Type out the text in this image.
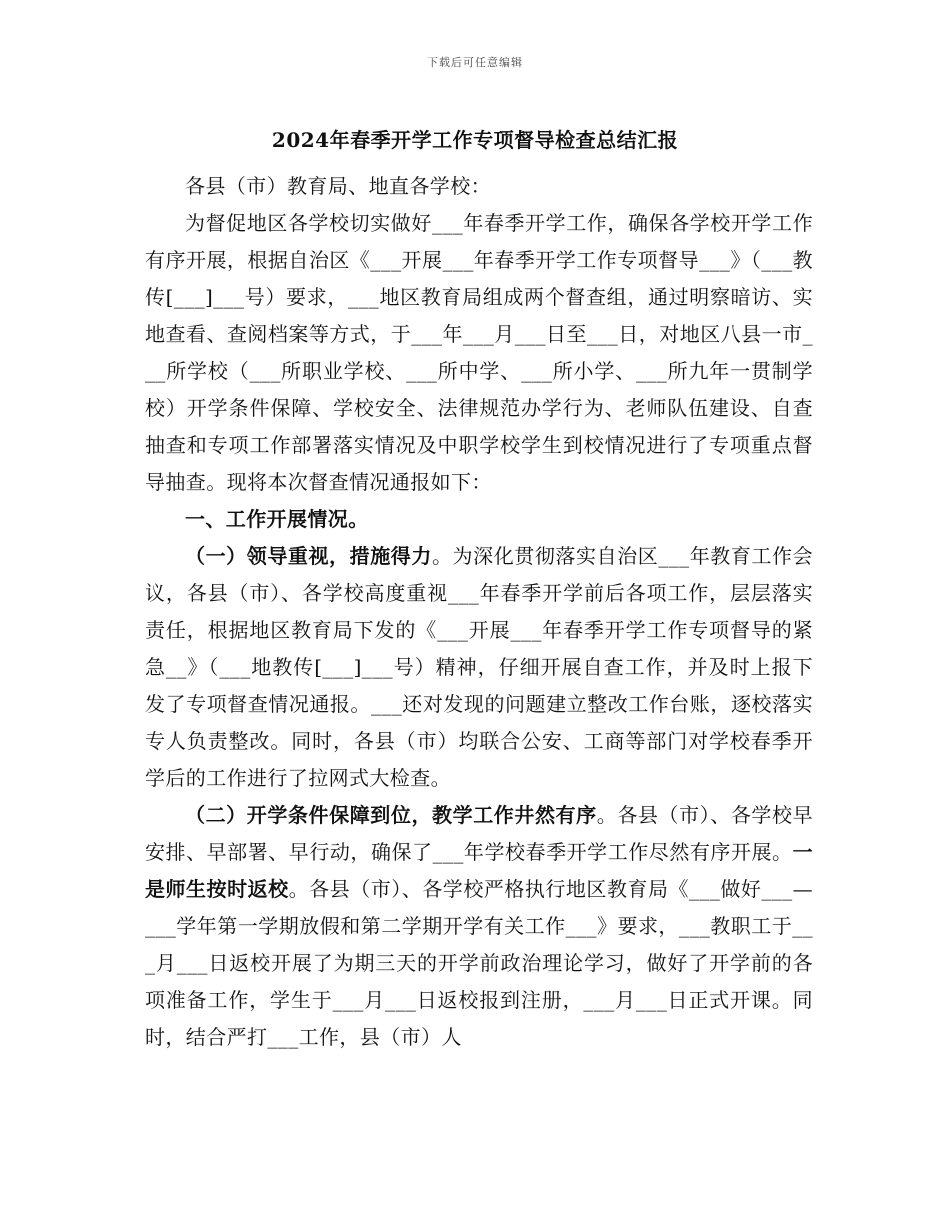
下载后可任意编辑
2024年春季开学工作专项督导检查总结汇报

各县（市）教育局、地直各学校：

为督促地区各学校切实做好___年春季开学工作，确保各学校开学工作有序开展，根据自治区《___开展___年春季开学工作专项督导___》（___教传[___]___号）要求，___地区教育局组成两个督查组，通过明察暗访、实地查看、查阅档案等方式，于___年___月___日至___日，对地区八县一市___所学校（___所职业学校、___所中学、___所小学、___所九年一贯制学校）开学条件保障、学校安全、法律规范办学行为、老师队伍建设、自查抽查和专项工作部署落实情况及中职学校学生到校情况进行了专项重点督导抽查。现将本次督查情况通报如下：

一、工作开展情况。

（一）领导重视，措施得力。为深化贯彻落实自治区___年教育工作会议，各县（市）、各学校高度重视___年春季开学前后各项工作，层层落实责任，根据地区教育局下发的《___开展___年春季开学工作专项督导的紧急__》（___地教传[___]___号）精神，仔细开展自查工作，并及时上报下发了专项督查情况通报。___还对发现的问题建立整改工作台账，逐校落实专人负责整改。同时，各县（市）均联合公安、工商等部门对学校春季开学后的工作进行了拉网式大检查。

（二）开学条件保障到位，教学工作井然有序。各县（市）、各学校早安排、早部署、早行动，确保了___年学校春季开学工作尽然有序开展。一是师生按时返校。各县（市）、各学校严格执行地区教育局《___做好___—___学年第一学期放假和第二学期开学有关工作___》要求，___教职工于___月___日返校开展了为期三天的开学前政治理论学习，做好了开学前的各项准备工作，学生于___月___日返校报到注册，___月___日正式开课。同时，结合严打___工作，县（市）人
